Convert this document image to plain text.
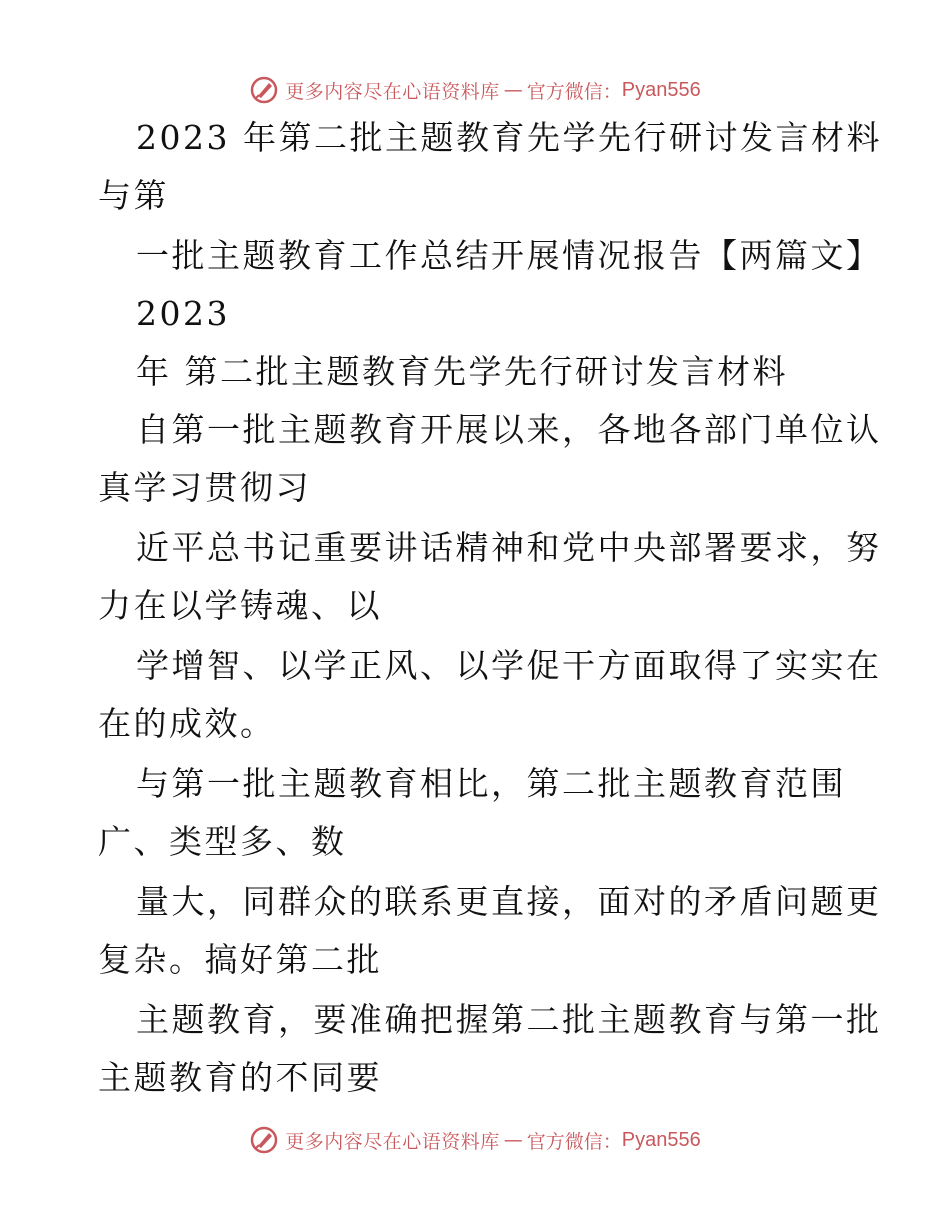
更多内容尽在心语资料库 — 官方微信： Pyan556
2023 年第二批主题教育先学先行研讨发言材料
与第
一批主题教育工作总结开展情况报告【两篇文】
2023
年 第二批主题教育先学先行研讨发言材料
自第一批主题教育开展以来，各地各部门单位认
真学习贯彻习
近平总书记重要讲话精神和党中央部署要求，努
力在以学铸魂、以
学增智、以学正风、以学促干方面取得了实实在
在的成效。
与第一批主题教育相比，第二批主题教育范围
广、类型多、数
量大，同群众的联系更直接，面对的矛盾问题更
复杂。搞好第二批
主题教育，要准确把握第二批主题教育与第一批
主题教育的不同要
更多内容尽在心语资料库 — 官方微信： Pyan556
